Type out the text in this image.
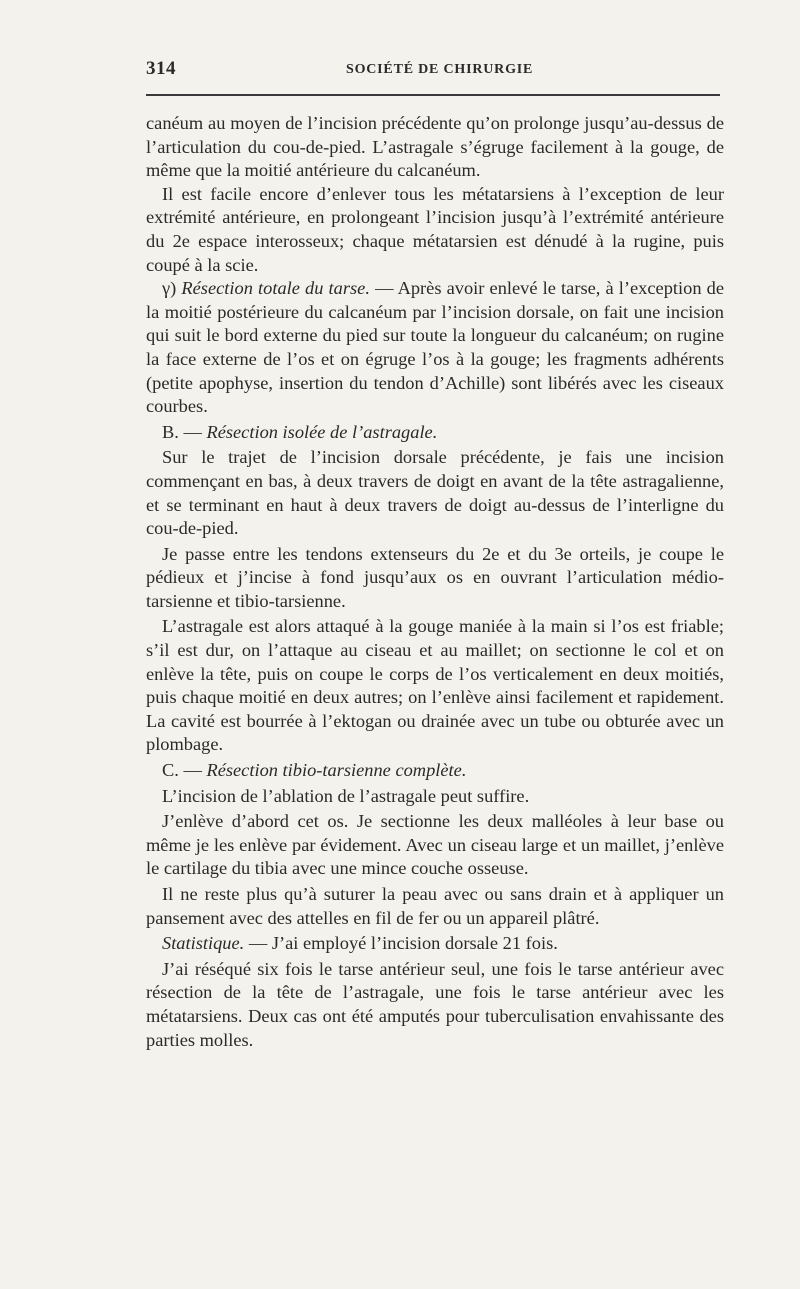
314	SOCIÉTÉ DE CHIRURGIE

canéum au moyen de l’incision précédente qu’on prolonge jusqu’au-dessus de l’articulation du cou-de-pied. L’astragale s’égruge facilement à la gouge, de même que la moitié antérieure du calcanéum.

Il est facile encore d’enlever tous les métatarsiens à l’exception de leur extrémité antérieure, en prolongeant l’incision jusqu’à l’extrémité antérieure du 2e espace interosseux; chaque métatarsien est dénudé à la rugine, puis coupé à la scie.

γ) Résection totale du tarse. — Après avoir enlevé le tarse, à l’exception de la moitié postérieure du calcanéum par l’incision dorsale, on fait une incision qui suit le bord externe du pied sur toute la longueur du calcanéum; on rugine la face externe de l’os et on égruge l’os à la gouge; les fragments adhérents (petite apophyse, insertion du tendon d’Achille) sont libérés avec les ciseaux courbes.

B. — Résection isolée de l’astragale.

Sur le trajet de l’incision dorsale précédente, je fais une incision commençant en bas, à deux travers de doigt en avant de la tête astragalienne, et se terminant en haut à deux travers de doigt au-dessus de l’interligne du cou-de-pied.

Je passe entre les tendons extenseurs du 2e et du 3e orteils, je coupe le pédieux et j’incise à fond jusqu’aux os en ouvrant l’articulation médio-tarsienne et tibio-tarsienne.

L’astragale est alors attaqué à la gouge maniée à la main si l’os est friable; s’il est dur, on l’attaque au ciseau et au maillet; on sectionne le col et on enlève la tête, puis on coupe le corps de l’os verticalement en deux moitiés, puis chaque moitié en deux autres; on l’enlève ainsi facilement et rapidement. La cavité est bourrée à l’ektogan ou drainée avec un tube ou obturée avec un plombage.

C. — Résection tibio-tarsienne complète.

L’incision de l’ablation de l’astragale peut suffire.

J’enlève d’abord cet os. Je sectionne les deux malléoles à leur base ou même je les enlève par évidement. Avec un ciseau large et un maillet, j’enlève le cartilage du tibia avec une mince couche osseuse.

Il ne reste plus qu’à suturer la peau avec ou sans drain et à appliquer un pansement avec des attelles en fil de fer ou un appareil plâtré.

Statistique. — J’ai employé l’incision dorsale 21 fois.

J’ai réséqué six fois le tarse antérieur seul, une fois le tarse antérieur avec résection de la tête de l’astragale, une fois le tarse antérieur avec les métatarsiens. Deux cas ont été amputés pour tuberculisation envahissante des parties molles.
